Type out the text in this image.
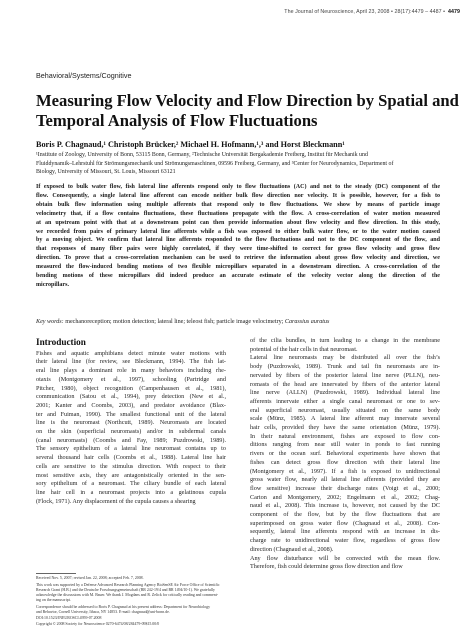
The Journal of Neuroscience, April 23, 2008 • 28(17):4479 – 4487 • 4479
Behavioral/Systems/Cognitive
Measuring Flow Velocity and Flow Direction by Spatial and
Temporal Analysis of Flow Fluctuations
Boris P. Chagnaud,¹ Christoph Brücker,² Michael H. Hofmann,¹,³ and Horst Bleckmann¹
¹Institute of Zoology, University of Bonn, 53115 Bonn, Germany, ²Technische Universität Bergakademie Freiberg, Institut für Mechanik und
Fluiddynamik–Lehrstuhl für Strömungsmechanik und Strömungsmaschinen, 09596 Freiberg, Germany, and ³Center for Neurodynamics, Department of
Biology, University of Missouri, St. Louis, Missouri 63121
If exposed to bulk water flow, fish lateral line afferents respond only to flow fluctuations (AC) and not to the steady (DC) component of the
flow. Consequently, a single lateral line afferent can encode neither bulk flow direction nor velocity. It is possible, however, for a fish to
obtain bulk flow information using multiple afferents that respond only to flow fluctuations. We show by means of particle image
velocimetry that, if a flow contains fluctuations, these fluctuations propagate with the flow. A cross-correlation of water motion measured
at an upstream point with that at a downstream point can then provide information about flow velocity and flow direction. In this study,
we recorded from pairs of primary lateral line afferents while a fish was exposed to either bulk water flow, or to the water motion caused
by a moving object. We confirm that lateral line afferents responded to the flow fluctuations and not to the DC component of the flow, and
that responses of many fiber pairs were highly correlated, if they were time-shifted to correct for gross flow velocity and gross flow
direction. To prove that a cross-correlation mechanism can be used to retrieve the information about gross flow velocity and direction, we
measured the flow-induced bending motions of two flexible micropillars separated in a downstream direction. A cross-correlation of the
bending motions of these micropillars did indeed produce an accurate estimate of the velocity vector along the direction of the
micropillars.
Key words: mechanoreception; motion detection; lateral line; teleost fish; particle image velocimetry; Carassius auratus
Introduction
Fishes and aquatic amphibians detect minute water motions with
their lateral line (for review, see Bleckmann, 1994). The fish lat-
eral line plays a dominant role in many behaviors including rhe-
otaxis (Montgomery et al., 1997), schooling (Partridge and
Pitcher, 1980), object recognition (Campenhausen et al., 1981),
communication (Satou et al., 1994), prey detection (New et al.,
2001; Kanter and Coombs, 2003), and predator avoidance (Blax-
ter and Fuiman, 1990). The smallest functional unit of the lateral
line is the neuromast (Northcutt, 1989). Neuromasts are located
on the skin (superficial neuromasts) and/or in subdermal canals
(canal neuromasts) (Coombs and Fay, 1989; Puzdrowski, 1989).
The sensory epithelium of a lateral line neuromast contains up to
several thousand hair cells (Coombs et al., 1988). Lateral line hair
cells are sensitive to the stimulus direction. With respect to their
most sensitive axis, they are antagonistically oriented in the sen-
sory epithelium of a neuromast. The ciliary bundle of each lateral
line hair cell in a neuromast projects into a gelatinous cupula
(Flock, 1971). Any displacement of the cupula causes a shearing
of the cilia bundles, in turn leading to a change in the membrane
potential of the hair cells in that neuromast.
Lateral line neuromasts may be distributed all over the fish’s
body (Puzdrowski, 1989). Trunk and tail fin neuromasts are in-
nervated by fibers of the posterior lateral line nerve (PLLN), neu-
romasts of the head are innervated by fibers of the anterior lateral
line nerve (ALLN) (Puzdrowski, 1989). Individual lateral line
afferents innervate either a single canal neuromast or one to sev-
eral superficial neuromast, usually situated on the same body
scale (Münz, 1985). A lateral line afferent may innervate several
hair cells, provided they have the same orientation (Münz, 1979).
In their natural environment, fishes are exposed to flow con-
ditions ranging from near still water in ponds to fast running
rivers or the ocean surf. Behavioral experiments have shown that
fishes can detect gross flow direction with their lateral line
(Montgomery et al., 1997). If a fish is exposed to unidirectional
gross water flow, nearly all lateral line afferents (provided they are
flow sensitive) increase their discharge rates (Voigt et al., 2000;
Carton and Montgomery, 2002; Engelmann et al., 2002; Chag-
naud et al., 2008). This increase is, however, not caused by the DC
component of the flow, but by the flow fluctuations that are
superimposed on gross water flow (Chagnaud et al., 2008). Con-
sequently, lateral line afferents respond with an increase in dis-
charge rate to unidirectional water flow, regardless of gross flow
direction (Chagnaud et al., 2008).
Any flow disturbance will be convected with the mean flow.
Therefore, fish could determine gross flow direction and flow
Received Nov. 5, 2007; revised Jan. 22, 2008; accepted Feb. 7, 2008.
This work was supported by a Defense Advanced Research Planning Agency BioSenSE Air Force Office of Scientific
Research Grant (H.B.) and the Deutsche Forschungsgemeinschaft (BR 242-19/4 and BR 1494/10-1). We gratefully
acknowledge the discussions with M. Bauer. We thank J. Mogdans and R. Zelick for critically reading and comment-
ing on the manuscript.
Correspondence should be addressed to Boris P. Chagnaud at his present address: Department for Neurobiology
and Behavior, Cornell University, Ithaca, NY 14853. E-mail: chagnaud@uni-bonn.de.
DOI:10.1523/JNEUROSCI.4959-07.2008
Copyright © 2008 Society for Neuroscience 0270-6474/08/284479-09$15.00/0
